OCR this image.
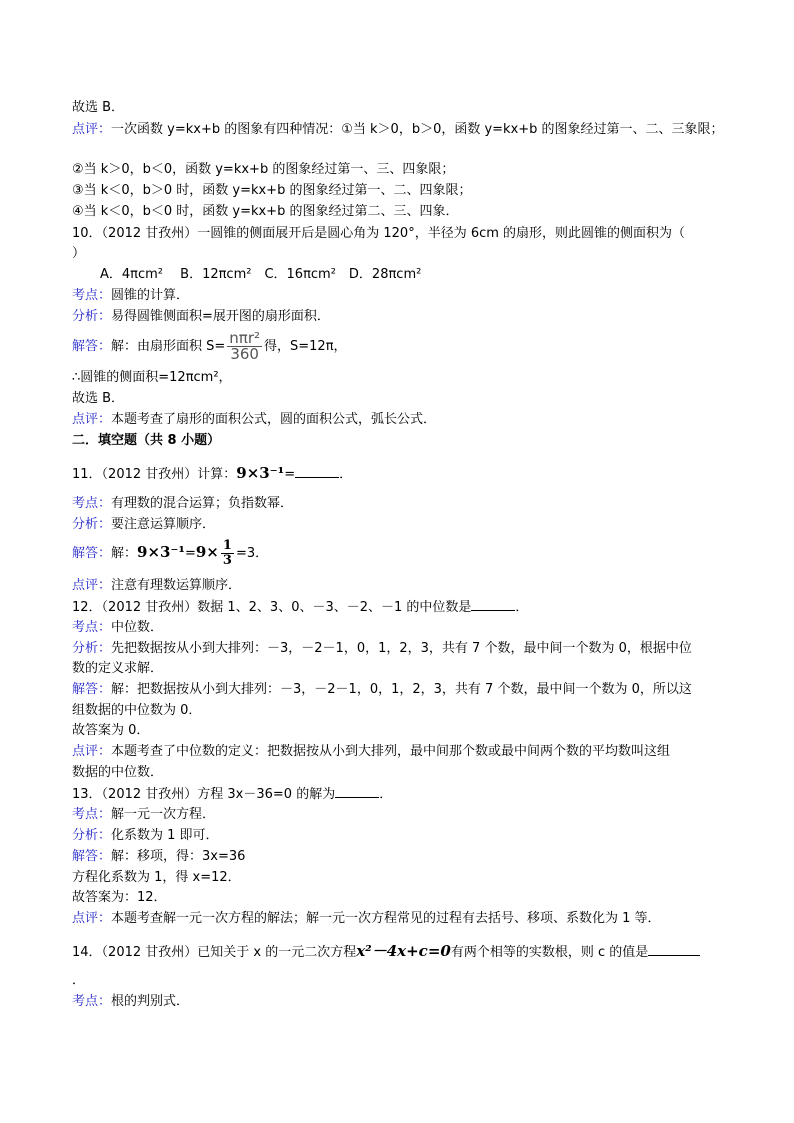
故选 B．
点评：一次函数 y=kx+b 的图象有四种情况：①当 k＞0，b＞0，函数 y=kx+b 的图象经过第一、二、三象限；
②当 k＞0，b＜0，函数 y=kx+b 的图象经过第一、三、四象限；
③当 k＜0，b＞0 时，函数 y=kx+b 的图象经过第一、二、四象限；
④当 k＜0，b＜0 时，函数 y=kx+b 的图象经过第二、三、四象．
10．（2012 甘孜州）一圆锥的侧面展开后是圆心角为 120°，半径为 6cm 的扇形，则此圆锥的侧面积为（
）
A．4πcm²　 B．12πcm²　C．16πcm²　D．28πcm²
考点：圆锥的计算．
分析：易得圆锥侧面积=展开图的扇形面积．
解答：解：由扇形面积 $S= \frac{\text{nπr²}}{360}$ 得，S=12π，
∴圆锥的侧面积=12πcm²，
故选 B．
点评：本题考查了扇形的面积公式，圆的面积公式，弧长公式．
二．填空题（共 8 小题）
11．（2012 甘孜州）计算：9×3⁻¹=	．
考点：有理数的混合运算；负指数幂．
分析：要注意运算顺序．
解答：解：$9\times 3^{-1}=9\times \frac{1}{3} =3$．
点评：注意有理数运算顺序．
12．（2012 甘孜州）数据 1、2、3、0、－3、－2、－1 的中位数是	．
考点：中位数．
分析：先把数据按从小到大排列：－3，－2－1，0，1，2，3，共有 7 个数，最中间一个数为 0，根据中位
数的定义求解．
解答：解：把数据按从小到大排列：－3，－2－1，0，1，2，3，共有 7 个数，最中间一个数为 0，所以这
组数据的中位数为 0．
故答案为 0．
点评：本题考查了中位数的定义：把数据按从小到大排列，最中间那个数或最中间两个数的平均数叫这组
数据的中位数．
13．（2012 甘孜州）方程 3x－36=0 的解为	．
考点：解一元一次方程．
分析：化系数为 1 即可．
解答：解：移项，得：3x=36
方程化系数为 1，得 x=12．
故答案为：12．
点评：本题考查解一元一次方程的解法；解一元一次方程常见的过程有去括号、移项、系数化为 1 等．
14．（2012 甘孜州）已知关于 x 的一元二次方程x²－4x+c=0有两个相等的实数根，则 c 的值是
．
考点：根的判别式．
